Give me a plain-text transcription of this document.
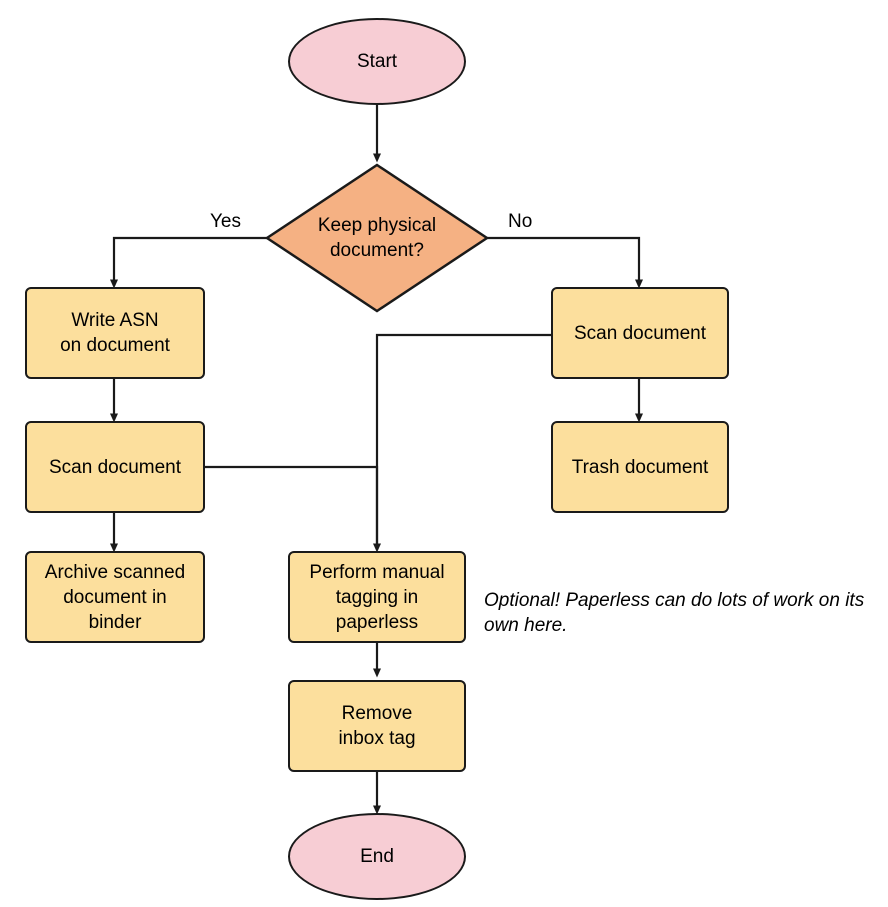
Start
Keep physical
document?
Write ASN
on document
Scan document
Archive scanned
document in
binder
Scan document
Trash document
Perform manual
tagging in
paperless
Remove
inbox tag
End
Yes	No
Optional! Paperless can do lots of work on its own here.
